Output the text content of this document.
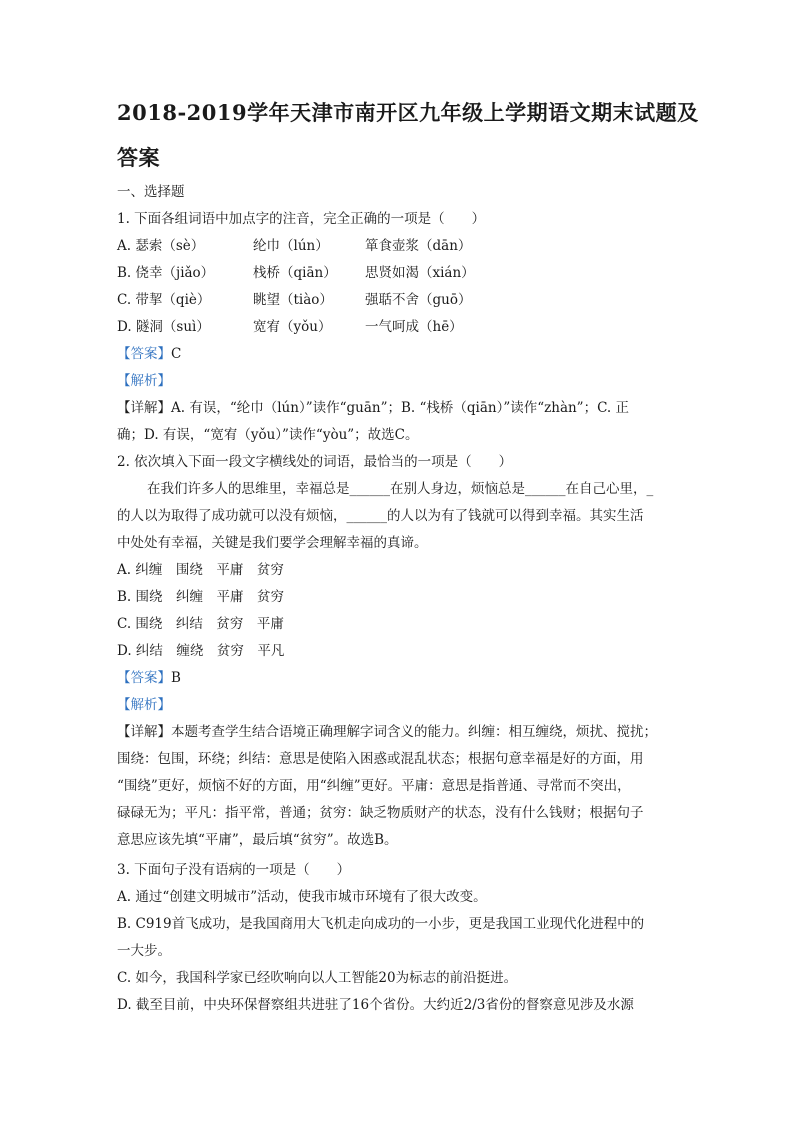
2018-2019学年天津市南开区九年级上学期语文期末试题及
答案

一、选择题

1. 下面各组词语中加点字的注音，完全正确的一项是（　　）

A. 瑟索（sè）	纶巾（lún）	箪食壶浆（dān）
B. 侥幸（jiǎo）	栈桥（qiān） 思贤如渴（xián）
C. 带挈（qiè）	眺望（tiào） 强聒不舍（guō）
D. 隧洞（suì）	宽宥（yǒu） 一气呵成（hē）

【答案】C

【解析】

【详解】A. 有误，“纶巾（lún）”读作“guān”；B. “栈桥（qiān）”读作“zhàn”；C. 正

确；D. 有误，“宽宥（yǒu）”读作“yòu”；故选C。

2. 依次填入下面一段文字横线处的词语，最恰当的一项是（　　）

在我们许多人的思维里，幸福总是______在别人身边，烦恼总是______在自己心里，_

的人以为取得了成功就可以没有烦恼，______的人以为有了钱就可以得到幸福。其实生活

中处处有幸福，关键是我们要学会理解幸福的真谛。

A. 纠缠　围绕　平庸　贫穷

B. 围绕　纠缠　平庸　贫穷

C. 围绕　纠结　贫穷　平庸

D. 纠结　缠绕　贫穷　平凡

【答案】B

【解析】

【详解】本题考查学生结合语境正确理解字词含义的能力。纠缠：相互缠绕，烦扰、搅扰；

围绕：包围，环绕；纠结：意思是使陷入困惑或混乱状态；根据句意幸福是好的方面，用

“围绕”更好，烦恼不好的方面，用“纠缠”更好。平庸：意思是指普通、寻常而不突出，

碌碌无为；平凡：指平常，普通；贫穷：缺乏物质财产的状态，没有什么钱财；根据句子

意思应该先填“平庸”，最后填“贫穷”。故选B。

3. 下面句子没有语病的一项是（　　）

A. 通过“创建文明城市”活动，使我市城市环境有了很大改变。

B. C919首飞成功，是我国商用大飞机走向成功的一小步，更是我国工业现代化进程中的

一大步。

C. 如今，我国科学家已经吹响向以人工智能20为标志的前沿挺进。

D. 截至目前，中央环保督察组共进驻了16个省份。大约近2/3省份的督察意见涉及水源
